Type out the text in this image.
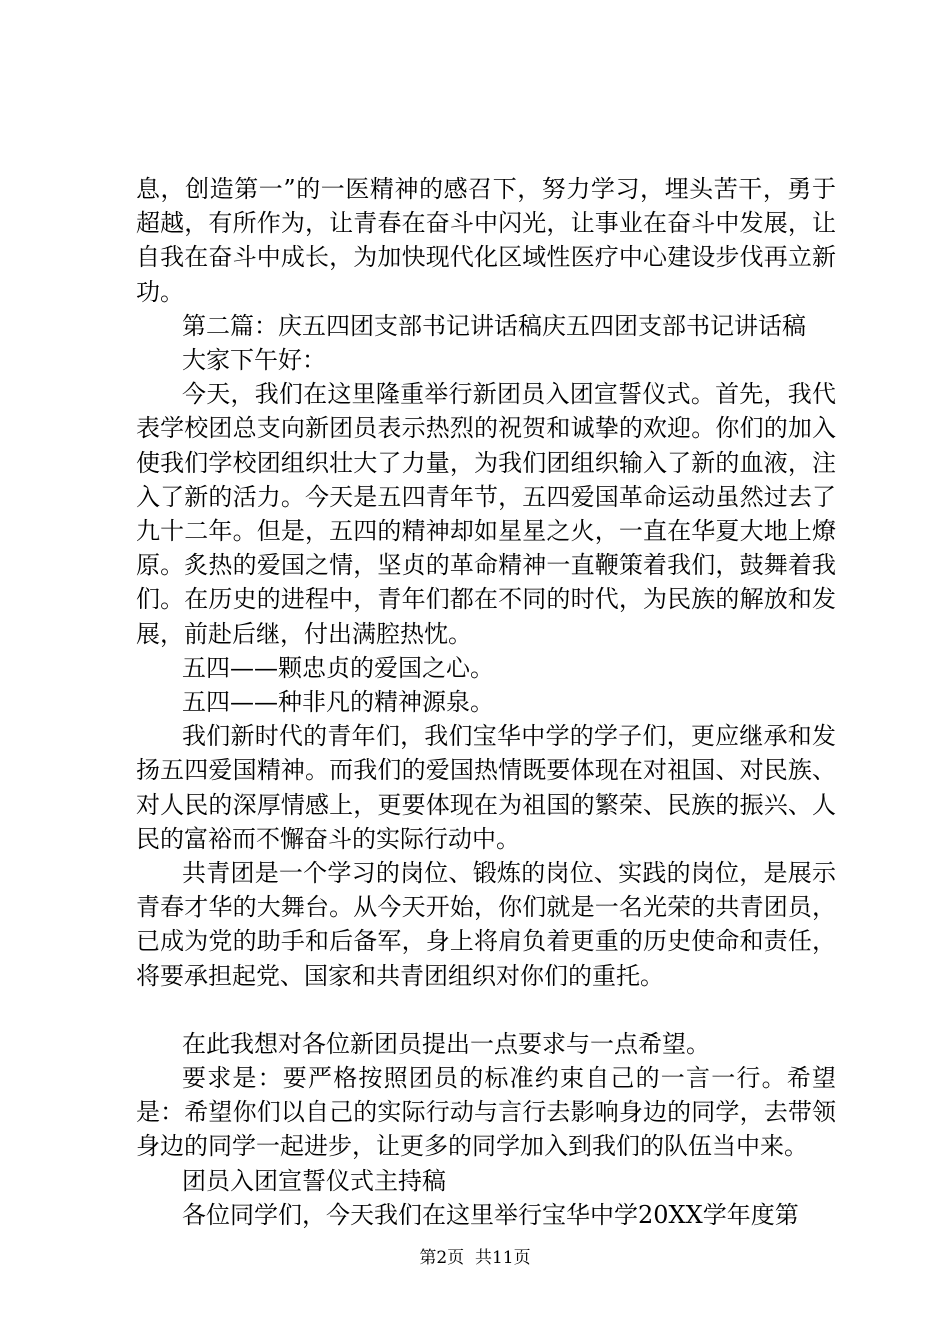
息，创造第一”的一医精神的感召下，努力学习，埋头苦干，勇于超越，有所作为，让青春在奋斗中闪光，让事业在奋斗中发展，让自我在奋斗中成长，为加快现代化区域性医疗中心建设步伐再立新功。

第二篇：庆五四团支部书记讲话稿庆五四团支部书记讲话稿

大家下午好：

今天，我们在这里隆重举行新团员入团宣誓仪式。首先，我代表学校团总支向新团员表示热烈的祝贺和诚挚的欢迎。你们的加入使我们学校团组织壮大了力量，为我们团组织输入了新的血液，注入了新的活力。今天是五四青年节，五四爱国革命运动虽然过去了九十二年。但是，五四的精神却如星星之火，一直在华夏大地上燎原。炙热的爱国之情，坚贞的革命精神一直鞭策着我们，鼓舞着我们。在历史的进程中，青年们都在不同的时代，为民族的解放和发展，前赴后继，付出满腔热忱。

五四——颗忠贞的爱国之心。

五四——种非凡的精神源泉。

我们新时代的青年们，我们宝华中学的学子们，更应继承和发扬五四爱国精神。而我们的爱国热情既要体现在对祖国、对民族、对人民的深厚情感上，更要体现在为祖国的繁荣、民族的振兴、人民的富裕而不懈奋斗的实际行动中。

共青团是一个学习的岗位、锻炼的岗位、实践的岗位，是展示青春才华的大舞台。从今天开始，你们就是一名光荣的共青团员，已成为党的助手和后备军，身上将肩负着更重的历史使命和责任，将要承担起党、国家和共青团组织对你们的重托。

在此我想对各位新团员提出一点要求与一点希望。

要求是：要严格按照团员的标准约束自己的一言一行。希望是：希望你们以自己的实际行动与言行去影响身边的同学，去带领身边的同学一起进步，让更多的同学加入到我们的队伍当中来。

团员入团宣誓仪式主持稿

各位同学们，今天我们在这里举行宝华中学20XX学年度第

第2页  共11页
